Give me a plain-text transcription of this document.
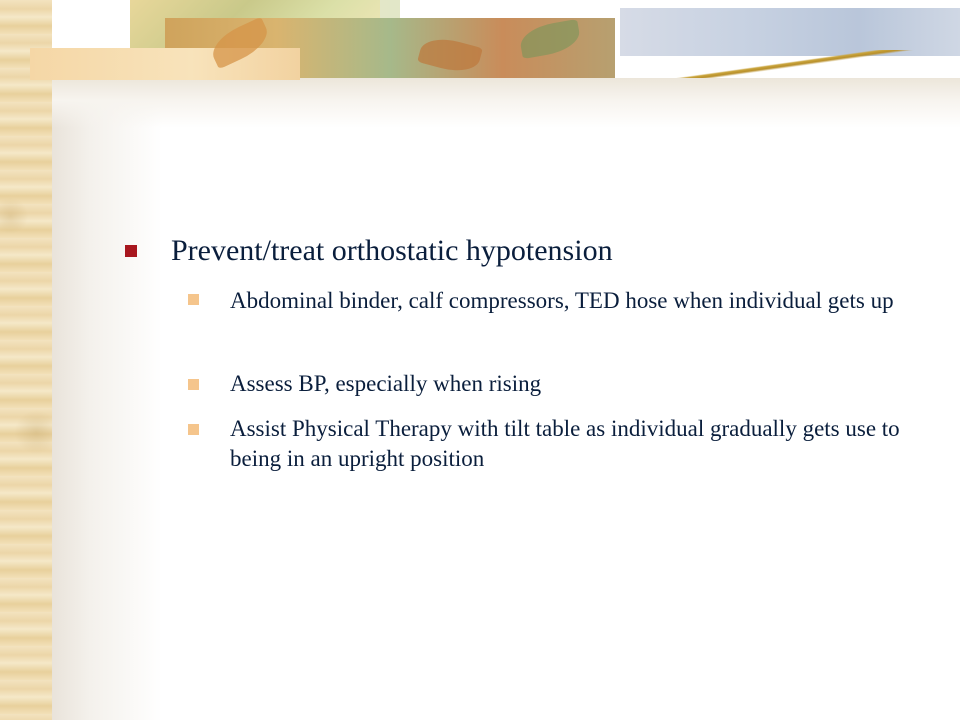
Prevent/treat orthostatic hypotension
Abdominal binder, calf compressors, TED hose when individual gets up
Assess BP, especially when rising
Assist Physical Therapy with tilt table as individual gradually gets use to being in an upright position
